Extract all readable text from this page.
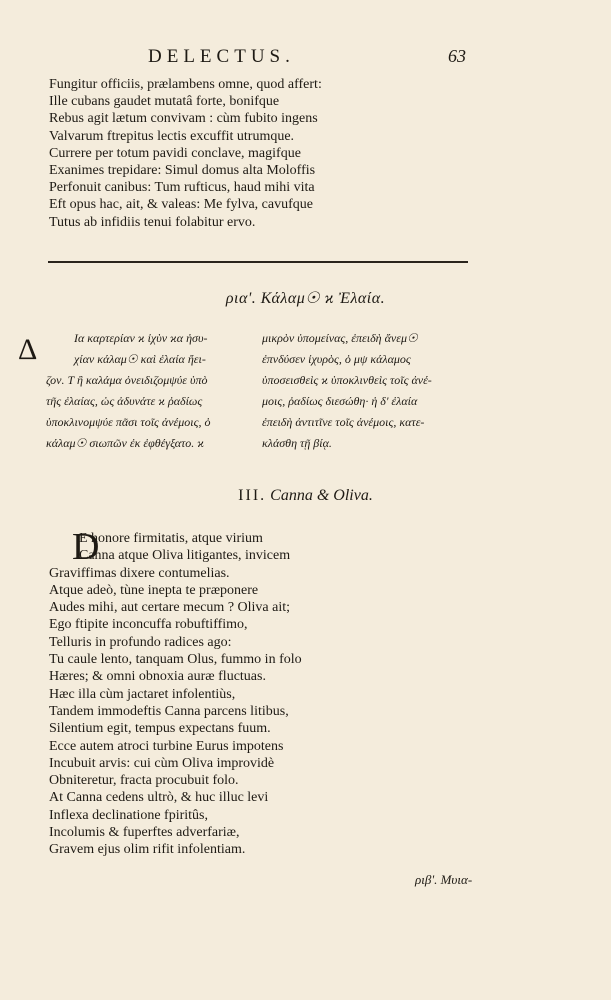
DELECTUS.	63
Fungitur officiis, prælambens omne, quod affert:
Ille cubans gaudet mutatâ forte, bonifque
Rebus agit lætum convivam : cùm fubito ingens
Valvarum ftrepitus lectis excuffit utrumque.
Currere per totum pavidi conclave, magifque
Exanimes trepidare: Simul domus alta Moloffis
Perfonuit canibus: Tum rufticus, haud mihi vita
Eft opus hac, ait, & valeas: Me fylva, cavufque
Tutus ab infidiis tenui folabitur ervo.
ρια'. Κάλαμ☉ ϰ Ἐλαία.
Δ	Ια καρτερίαν ϰ ἰχὺν ϰα ἡσυ-
χίαν κάλαμ☉ καὶ ἐλαία ἤει-
ζον. Τ ἢ καλάμα ὀνειδιζομψύε ὑπὸ
τῆς ἐλαίας, ὡς ἀδυνάτε ϰ ῥαδίως
ὑποκλινομψύε πᾶσι τοῖς ἀνέμοις, ὁ
κάλαμ☉ σιωπῶν ἐκ ἐφθέγξατο. ϰ
μικρὸν ὑπομείνας, ἐπειδὴ ἄνεμ☉
ἐπνδύσεν ἰχυρὸς, ὁ μψ κάλαμος
ὑποσεισθεὶς ϰ ὑποκλινθεὶς τοῖς ἀνέ-
μοις, ῥαδίως διεσώθη· ἡ δ' ἐλαία
ἐπειδὴ ἀντιτῖνε τοῖς ἀνέμοις, κατε-
κλάσθη τῇ βίᾳ.
III. Canna & Oliva.
D
E honore firmitatis, atque virium
Canna atque Oliva litigantes, invicem
Graviffimas dixere contumelias.
Atque adeò, tùne inepta te præponere
Audes mihi, aut certare mecum ? Oliva ait;
Ego ftipite inconcuffa robuftiffimo,
Telluris in profundo radices ago:
Tu caule lento, tanquam Olus, fummo in folo
Hæres; & omni obnoxia auræ fluctuas.
Hæc illa cùm jactaret infolentiùs,
Tandem immodeftis Canna parcens litibus,
Silentium egit, tempus expectans fuum.
Ecce autem atroci turbine Eurus impotens
Incubuit arvis: cui cùm Oliva improvidè
Obniteretur, fracta procubuit folo.
At Canna cedens ultrò, & huc illuc levi
Inflexa declinatione fpiritûs,
Incolumis & fuperftes adverfariæ,
Gravem ejus olim rifit infolentiam.
ριβ'. Μυια-
